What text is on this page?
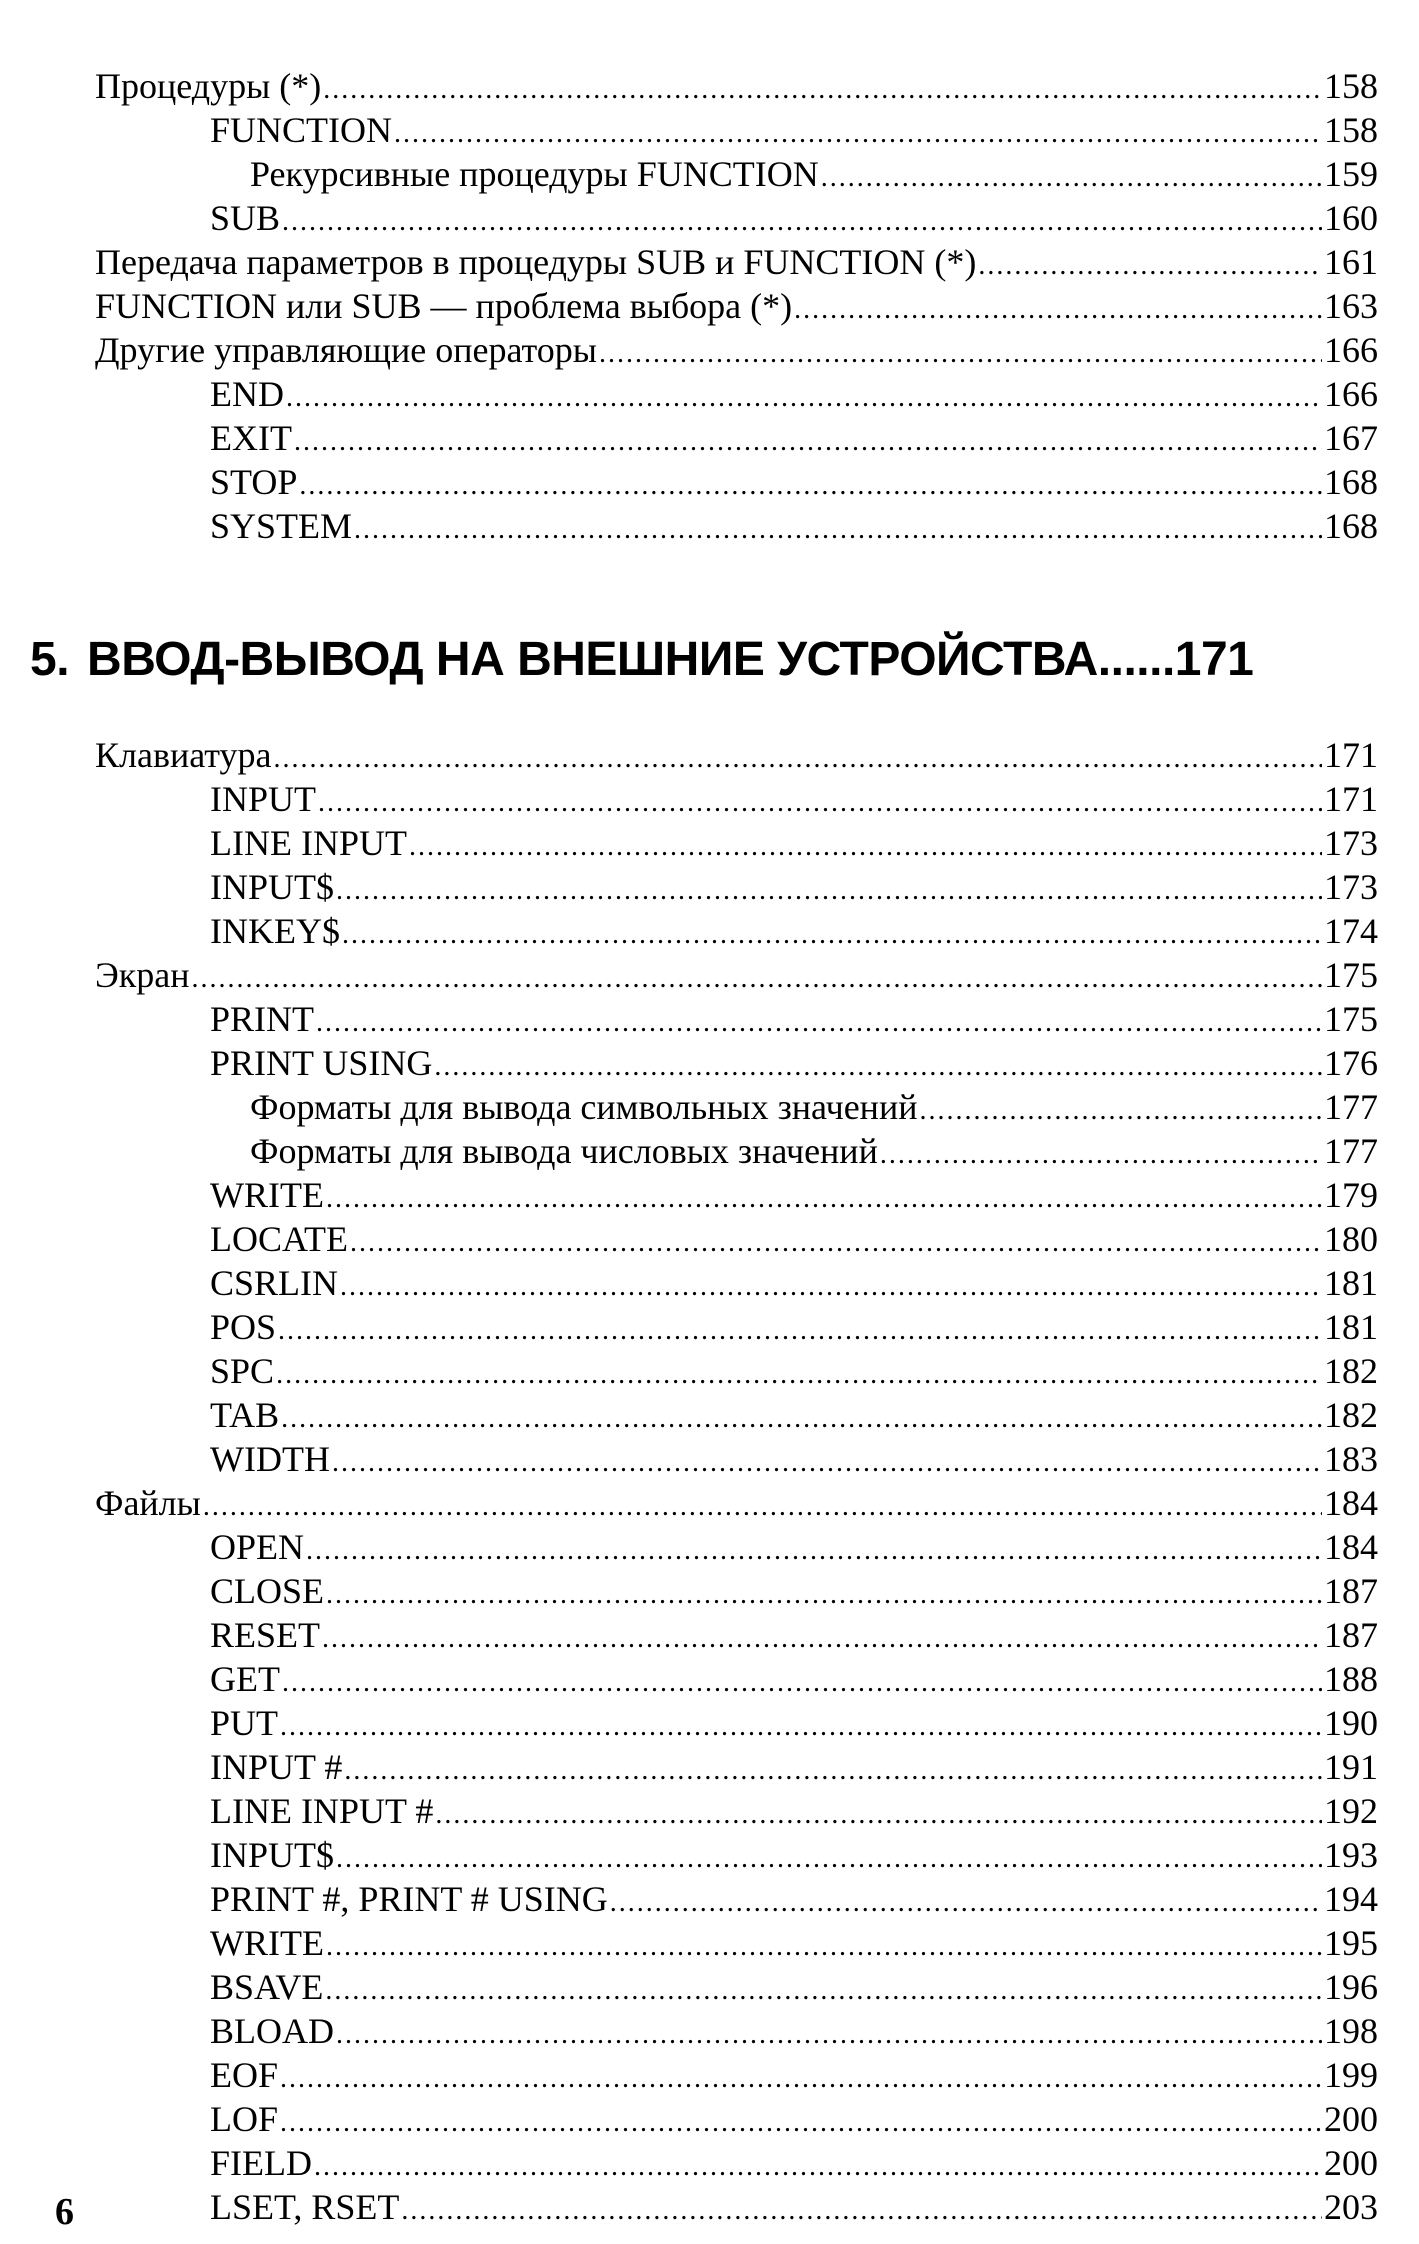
Процедуры (*) .....	158
FUNCTION .....	158
Рекурсивные процедуры FUNCTION .....	159
SUB .....	160
Передача параметров в процедуры SUB и FUNCTION (*) .....	161
FUNCTION или SUB — проблема выбора (*) .....	163
Другие управляющие операторы .....	166
END .....	166
EXIT .....	167
STOP .....	168
SYSTEM .....	168
5. ВВОД-ВЫВОД НА ВНЕШНИЕ УСТРОЙСТВА......171
Клавиатура .....	171
INPUT .....	171
LINE INPUT .....	173
INPUT$ .....	173
INKEY$ .....	174
Экран .....	175
PRINT .....	175
PRINT USING .....	176
Форматы для вывода символьных значений .....	177
Форматы для вывода числовых значений .....	177
WRITE .....	179
LOCATE .....	180
CSRLIN .....	181
POS .....	181
SPC .....	182
TAB .....	182
WIDTH .....	183
Файлы .....	184
OPEN .....	184
CLOSE .....	187
RESET .....	187
GET .....	188
PUT .....	190
INPUT # .....	191
LINE INPUT # .....	192
INPUT$ .....	193
PRINT #, PRINT # USING .....	194
WRITE .....	195
BSAVE .....	196
BLOAD .....	198
EOF .....	199
LOF .....	200
FIELD .....	200
LSET, RSET .....	203
6
